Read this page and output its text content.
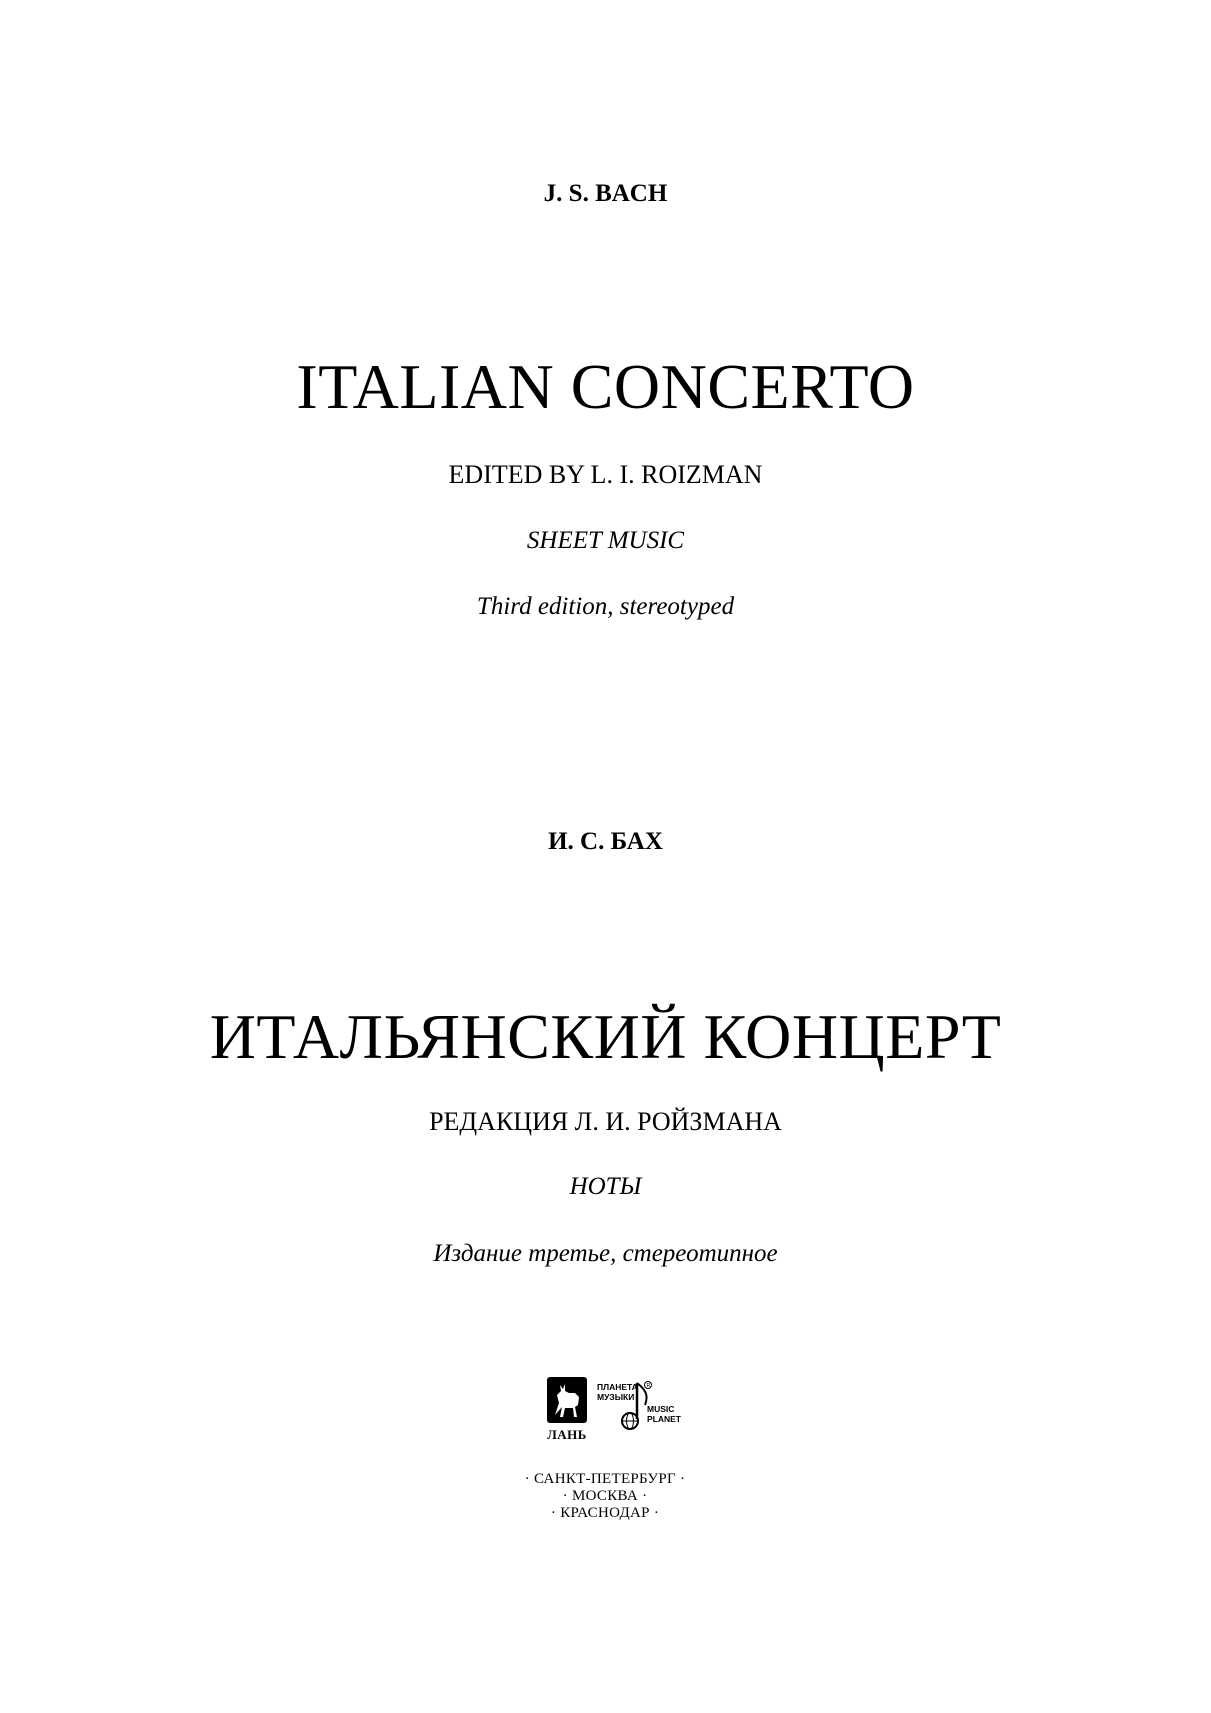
J. S. BACH
ITALIAN CONCERTO
EDITED BY L. I. ROIZMAN
SHEET MUSIC
Third edition, stereotyped
И. С. БАХ
ИТАЛЬЯНСКИЙ КОНЦЕРТ
РЕДАКЦИЯ Л. И. РОЙЗМАНА
НОТЫ
Издание третье, стереотипное
ЛАНЬ
ПЛАНЕТА
МУЗЫКИ
R
MUSIC
PLANET
· САНКТ-ПЕТЕРБУРГ ·
· МОСКВА ·
· КРАСНОДАР ·
